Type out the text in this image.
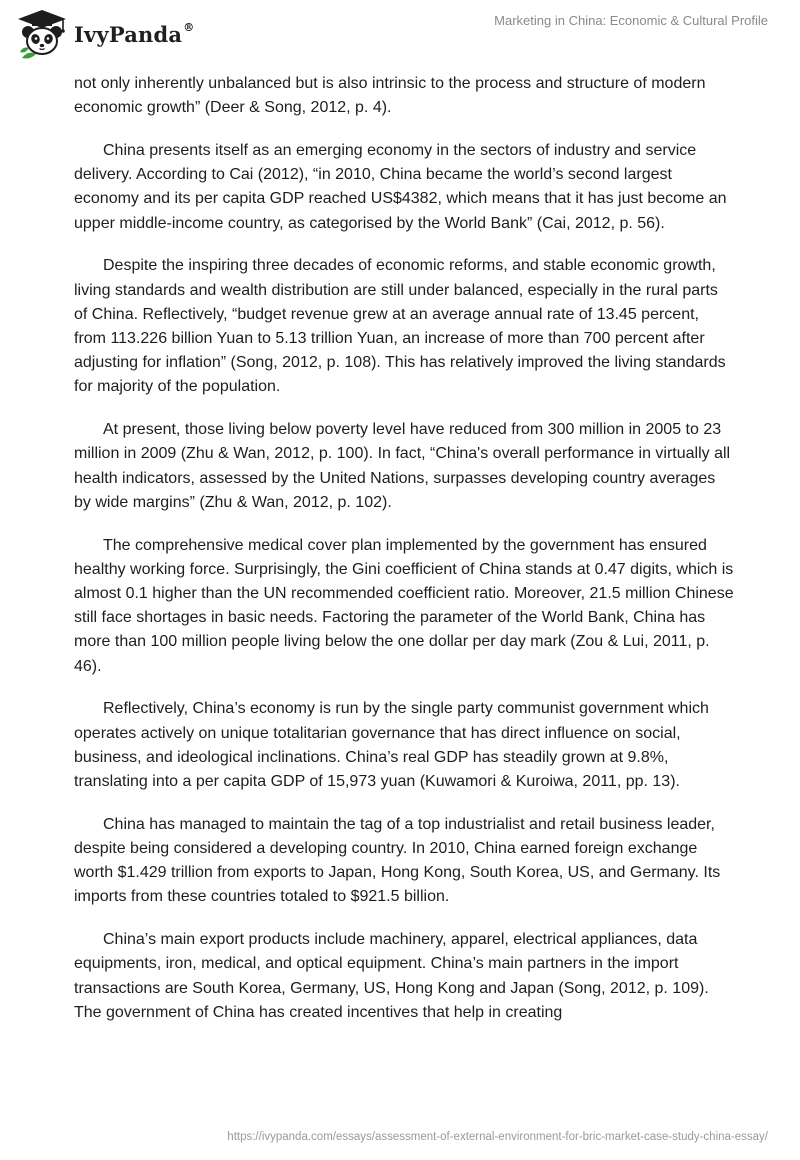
IvyPanda®	Marketing in China: Economic & Cultural Profile

not only inherently unbalanced but is also intrinsic to the process and structure of modern economic growth” (Deer & Song, 2012, p. 4).

China presents itself as an emerging economy in the sectors of industry and service delivery. According to Cai (2012), “in 2010, China became the world’s second largest economy and its per capita GDP reached US$4382, which means that it has just become an upper middle-income country, as categorised by the World Bank” (Cai, 2012, p. 56).

Despite the inspiring three decades of economic reforms, and stable economic growth, living standards and wealth distribution are still under balanced, especially in the rural parts of China. Reflectively, “budget revenue grew at an average annual rate of 13.45 percent, from 113.226 billion Yuan to 5.13 trillion Yuan, an increase of more than 700 percent after adjusting for inflation” (Song, 2012, p. 108). This has relatively improved the living standards for majority of the population.

At present, those living below poverty level have reduced from 300 million in 2005 to 23 million in 2009 (Zhu & Wan, 2012, p. 100). In fact, “China's overall performance in virtually all health indicators, assessed by the United Nations, surpasses developing country averages by wide margins” (Zhu & Wan, 2012, p. 102).

The comprehensive medical cover plan implemented by the government has ensured healthy working force. Surprisingly, the Gini coefficient of China stands at 0.47 digits, which is almost 0.1 higher than the UN recommended coefficient ratio. Moreover, 21.5 million Chinese still face shortages in basic needs. Factoring the parameter of the World Bank, China has more than 100 million people living below the one dollar per day mark (Zou & Lui, 2011, p. 46).

Reflectively, China’s economy is run by the single party communist government which operates actively on unique totalitarian governance that has direct influence on social, business, and ideological inclinations. China’s real GDP has steadily grown at 9.8%, translating into a per capita GDP of 15,973 yuan (Kuwamori & Kuroiwa, 2011, pp. 13).

China has managed to maintain the tag of a top industrialist and retail business leader, despite being considered a developing country. In 2010, China earned foreign exchange worth $1.429 trillion from exports to Japan, Hong Kong, South Korea, US, and Germany. Its imports from these countries totaled to $921.5 billion.

China’s main export products include machinery, apparel, electrical appliances, data equipments, iron, medical, and optical equipment. China’s main partners in the import transactions are South Korea, Germany, US, Hong Kong and Japan (Song, 2012, p. 109). The government of China has created incentives that help in creating

https://ivypanda.com/essays/assessment-of-external-environment-for-bric-market-case-study-china-essay/
